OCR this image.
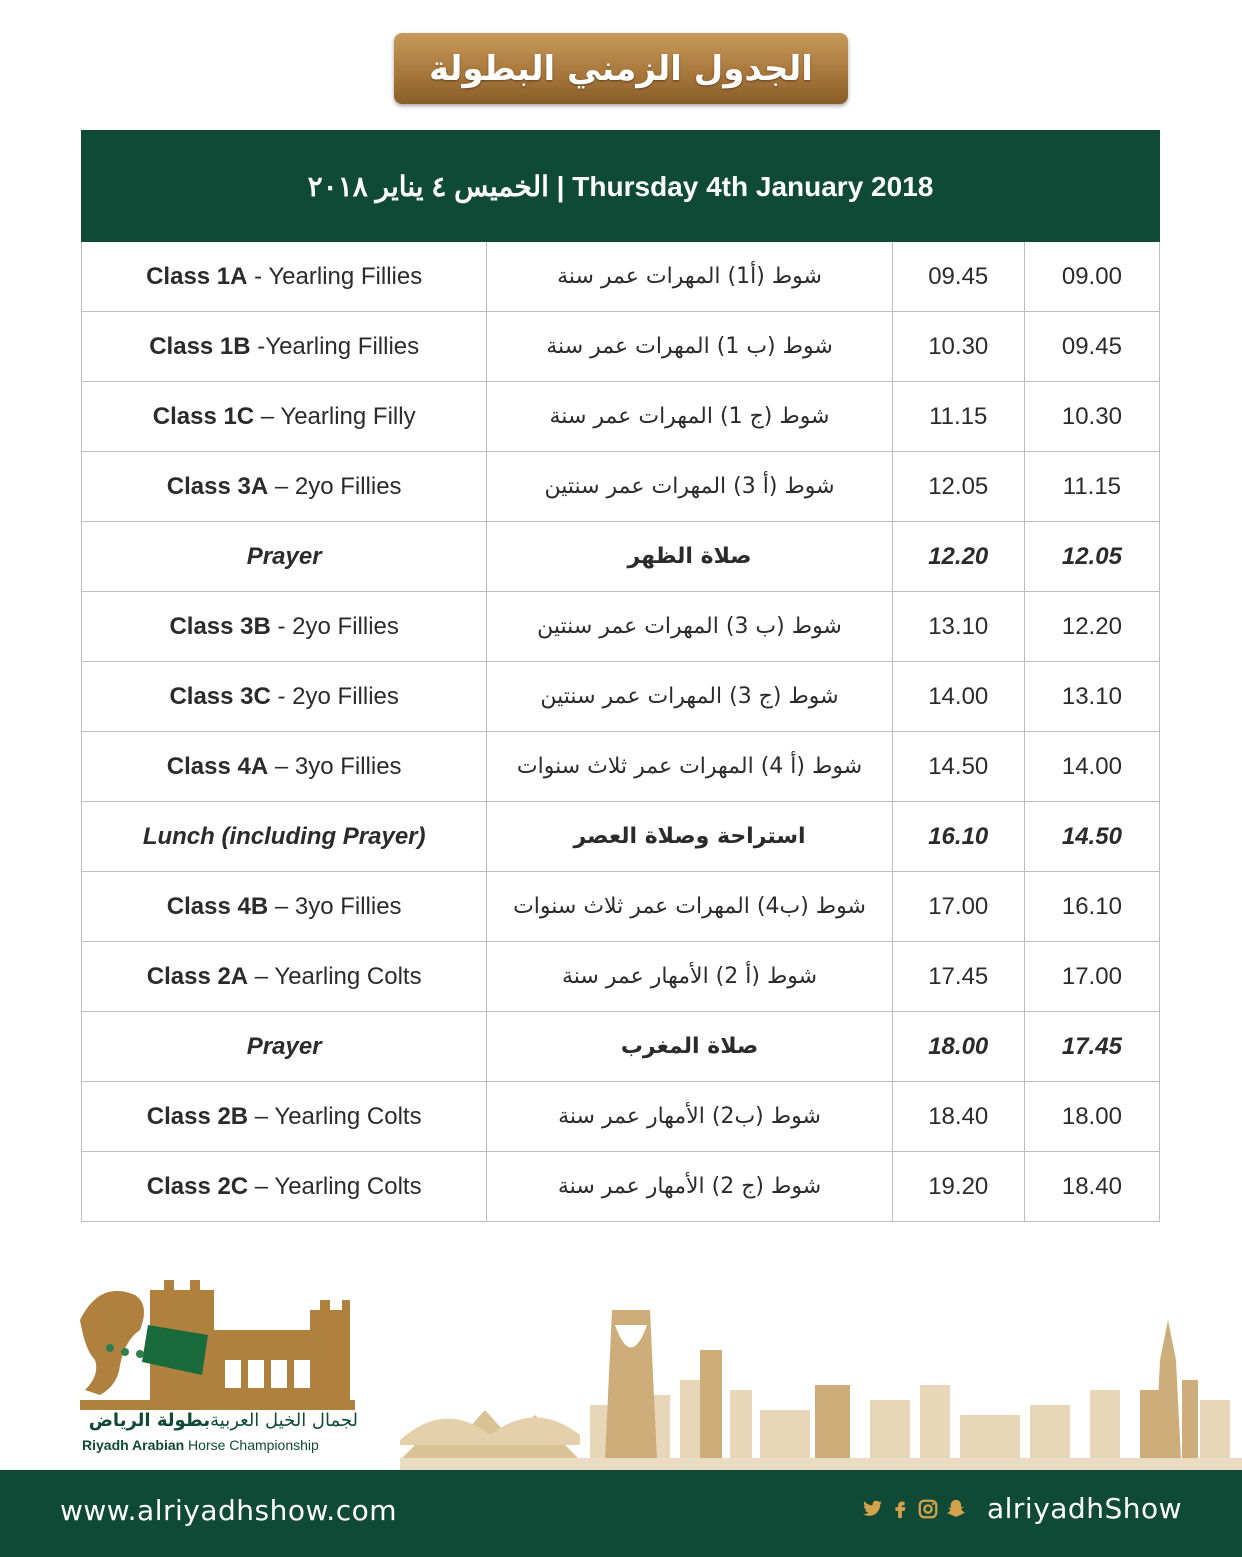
الجدول الزمني البطولة
الخميس ٤ يناير ٢٠١٨ | Thursday 4th January 2018			
Class 1A - Yearling Fillies	شوط (أ1) المهرات عمر سنة	09.45	09.00
Class 1B -Yearling Fillies	شوط (ب 1) المهرات عمر سنة	10.30	09.45
Class 1C – Yearling Filly	شوط (ج 1) المهرات عمر سنة	11.15	10.30
Class 3A – 2yo Fillies	شوط (أ 3) المهرات عمر سنتين	12.05	11.15
Prayer	صلاة الظهر	12.20	12.05
Class 3B - 2yo Fillies	شوط (ب 3) المهرات عمر سنتين	13.10	12.20
Class 3C - 2yo Fillies	شوط (ج 3) المهرات عمر سنتين	14.00	13.10
Class 4A – 3yo Fillies	شوط (أ 4) المهرات عمر ثلاث سنوات	14.50	14.00
Lunch (including Prayer)	استراحة وصلاة العصر	16.10	14.50
Class 4B – 3yo Fillies	شوط (ب4) المهرات عمر ثلاث سنوات	17.00	16.10
Class 2A – Yearling Colts	شوط (أ 2) الأمهار عمر سنة	17.45	17.00
Prayer	صلاة المغرب	18.00	17.45
Class 2B – Yearling Colts	شوط (ب2) الأمهار عمر سنة	18.40	18.00
Class 2C – Yearling Colts	شوط (ج 2) الأمهار عمر سنة	19.20	18.40
لجمال الخيل العربيةبطولة الرياض
Riyadh Arabian Horse Championship
www.alriyadhshow.com	alriyadhShow
